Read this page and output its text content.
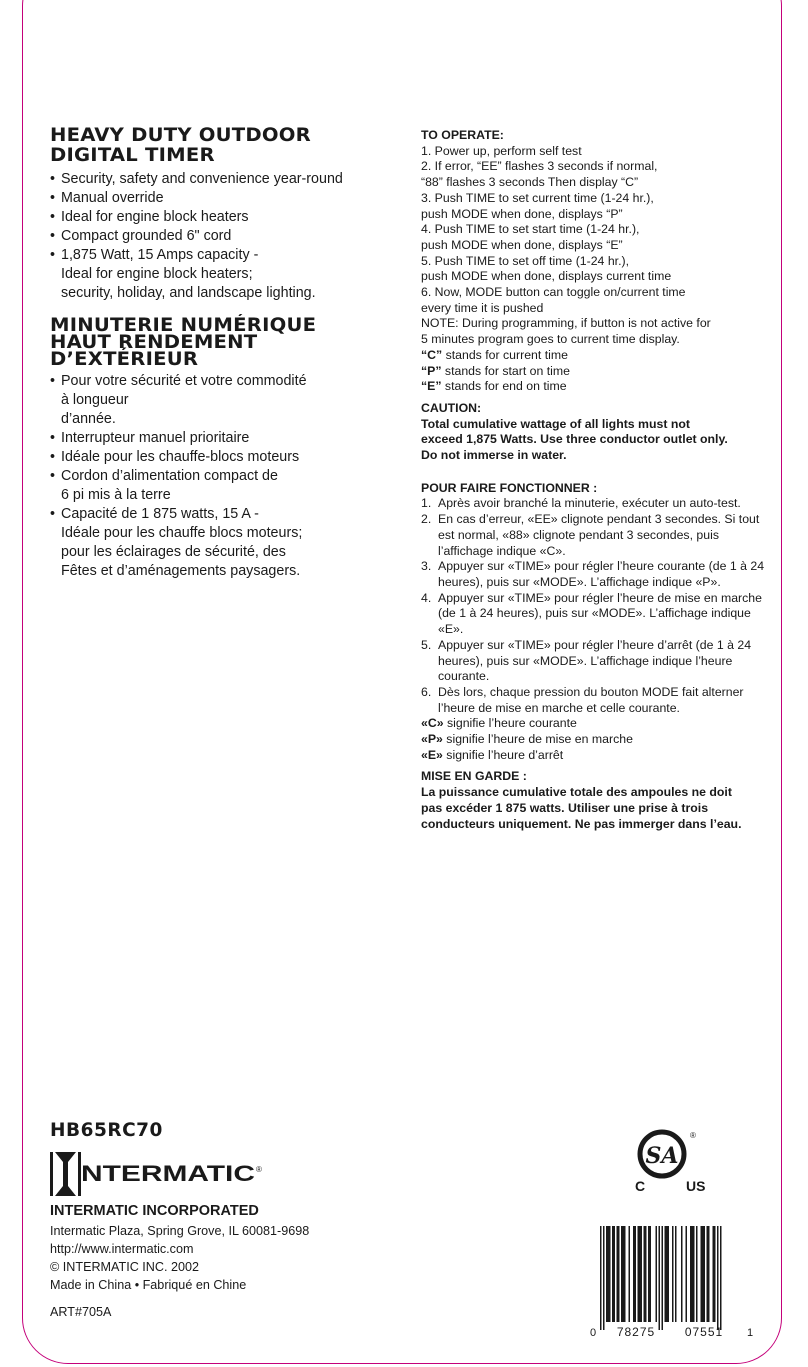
HEAVY DUTY OUTDOOR
DIGITAL TIMER
• Security, safety and convenience year-round
• Manual override
• Ideal for engine block heaters
• Compact grounded 6" cord
• 1,875 Watt, 15 Amps capacity -
Ideal for engine block heaters;
security, holiday, and landscape lighting.
MINUTERIE NUMÉRIQUE
HAUT RENDEMENT
D’EXTÉRIEUR
• Pour votre sécurité et votre commodité
à longueur
d’année.
• Interrupteur manuel prioritaire
• Idéale pour les chauffe-blocs moteurs
• Cordon d’alimentation compact de
6 pi mis à la terre
• Capacité de 1 875 watts, 15 A -
Idéale pour les chauffe blocs moteurs;
pour les éclairages de sécurité, des
Fêtes et d’aménagements paysagers.

TO OPERATE:

1. Power up, perform self test

2. If error, “EE” flashes 3 seconds if normal,
“88” flashes 3 seconds Then display “C”

3. Push TIME to set current time (1-24 hr.),
push MODE when done, displays “P”

4. Push TIME to set start time (1-24 hr.),
push MODE when done, displays “E”

5. Push TIME to set off time (1-24 hr.),
push MODE when done, displays current time

6. Now, MODE button can toggle on/current time
every time it is pushed

NOTE: During programming, if button is not active for
5 minutes program goes to current time display.

“C” stands for current time

“P” stands for start on time

“E” stands for end on time

CAUTION:

Total cumulative wattage of all lights must not

exceed 1,875 Watts. Use three conductor outlet only.

Do not immerse in water.

POUR FAIRE FONCTIONNER :

1. Après avoir branché la minuterie, exécuter un auto-test.
2. En cas d’erreur, «EE» clignote pendant 3 secondes. Si tout est normal, «88» clignote pendant 3 secondes, puis l’affichage indique «C».
3. Appuyer sur «TIME» pour régler l’heure courante (de 1 à 24 heures), puis sur «MODE». L’affichage indique «P».
4. Appuyer sur «TIME» pour régler l’heure de mise en marche (de 1 à 24 heures), puis sur «MODE». L’affichage indique «E».
5. Appuyer sur «TIME» pour régler l’heure d’arrêt (de 1 à 24 heures), puis sur «MODE». L’affichage indique l’heure courante.
6. Dès lors, chaque pression du bouton MODE fait alterner l’heure de mise en marche et celle courante.

«C» signifie l’heure courante

«P» signifie l’heure de mise en marche

«E» signifie l’heure d’arrêt

MISE EN GARDE :

La puissance cumulative totale des ampoules ne doit

pas excéder 1 875 watts. Utiliser une prise à trois

conducteurs uniquement. Ne pas immerger dans l’eau.

HB65RC70
NTERMATIC ®

INTERMATIC INCORPORATED

Intermatic Plaza, Spring Grove, IL 60081-9698

http://www.intermatic.com

© INTERMATIC INC. 2002

Made in China • Fabriqué en Chine

ART#705A
SA
®
C	US
0 78275 07551 1
